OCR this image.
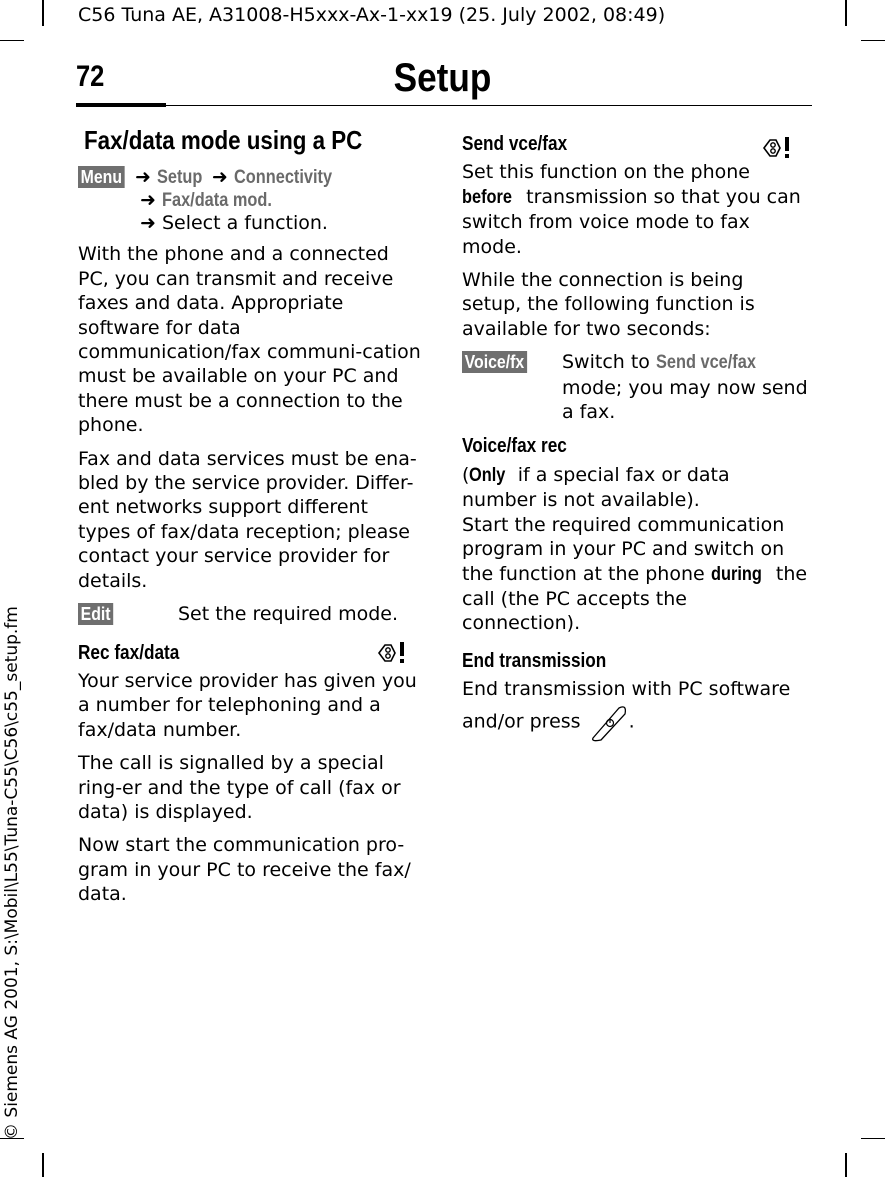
C56 Tuna AE, A31008-H5xxx-Ax-1-xx19 (25. July 2002, 08:49)
72	Setup
© Siemens AG 2001, S:\Mobil\L55\Tuna-C55\C56\c55_setup.fm
Fax/data mode using a PC
Menu ➜ Setup ➜ Connectivity
➜ Fax/data mod.
➜ Select a function.

With the phone and a connected PC, you can transmit and receive faxes and data. Appropriate software for data communication/fax communi-cation must be available on your PC and there must be a connection to the phone.

Fax and data services must be ena-bled by the service provider. Differ-ent networks support different types of fax/data reception; please contact your service provider for details.

Edit	Set the required mode.
Rec fax/data

Your service provider has given you a number for telephoning and a fax/data number.

The call is signalled by a special ring-er and the type of call (fax or data) is displayed.

Now start the communication pro-gram in your PC to receive the fax/ data.

Send vce/fax

Set this function on the phone before transmission so that you can switch from voice mode to fax mode.

While the connection is being setup, the following function is available for two seconds:

Voice/fx	Switch to Send vce/fax mode; you may now send a fax.
Voice/fax rec

(Only if a special fax or data number is not available).
Start the required communication program in your PC and switch on the function at the phone during the call (the PC accepts the connection).

End transmission

End transmission with PC software and/or press	.
